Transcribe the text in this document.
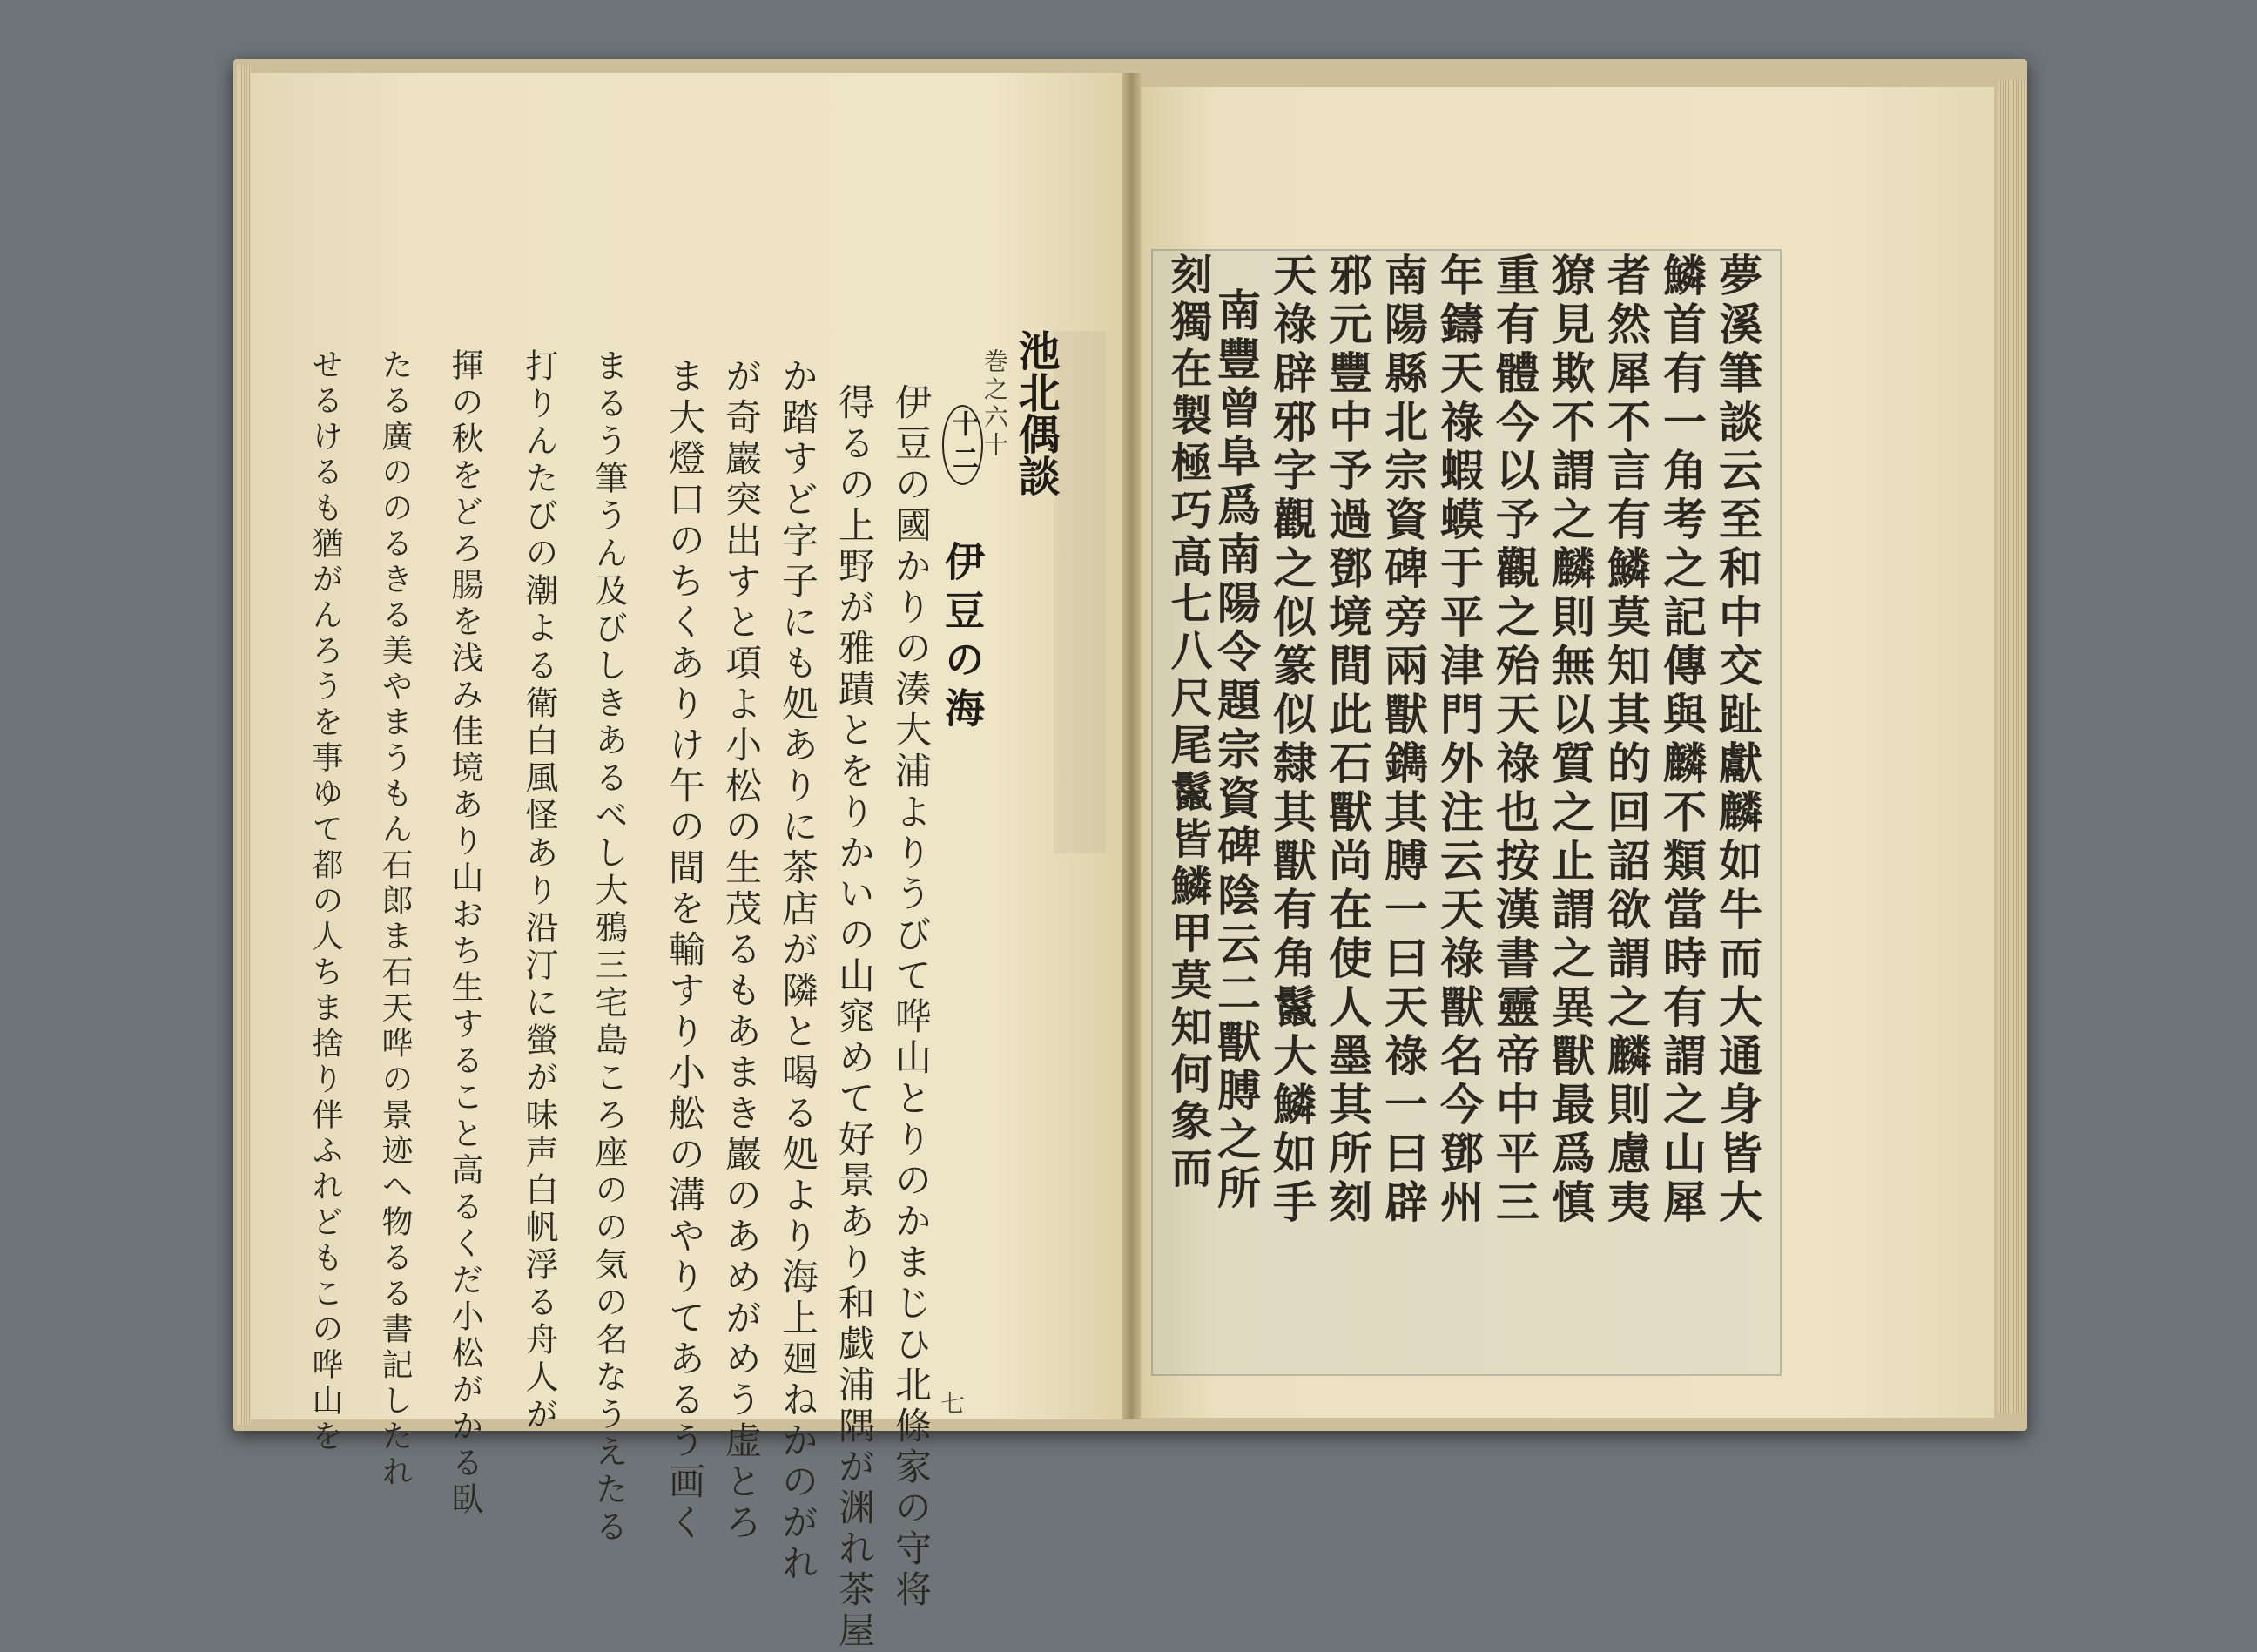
池北偶談
巻之六十
十二 伊豆の海
伊豆の國かりの湊大浦よりうびて哗山とりのかまじひ北條家の守将
得るの上野が雅蹟とをりかいの山窕めて好景あり和戯浦隅が渊れ茶屋
か踏すど字子にも処ありに茶店が隣と喝る処より海上廻ねかのがれ
が奇巖突出すと項よ小松の生茂るもあまき巖のあめがめう虚とろ
ま大燈口のちくありけ午の間を輸すり小舩の溝やりてあるう画く
まるう筆うん及びしきあるべし大鴉三宅島ころ座のの気の名なうえたる
打りんたびの潮よる衛白風怪あり沿汀に螢が味声白帆浮る舟人が
揮の秋をどろ腸を浅み佳境あり山おち生すること高るくだ小松がかる臥
たる廣ののるきる美やまうもん石郎ま石天哗の景迹へ物るる書記したれ
せるけるも猶がんろうを事ゆて都の人ちま捨り伴ふれどもこの哗山を	七
夢溪筆談云至和中交趾獻麟如牛而大通身皆大
鱗首有一角考之記傳與麟不類當時有謂之山犀
者然犀不言有鱗莫知其的回詔欲謂之麟則慮夷
獠見欺不謂之麟則無以質之止謂之異獸最爲慎
重有體今以予觀之殆天祿也按漢書靈帝中平三
年鑄天祿蝦蟆于平津門外注云天祿獸名今鄧州
南陽縣北宗資碑旁兩獸鐫其膊一曰天祿一曰辟
邪元豐中予過鄧境間此石獸尚在使人墨其所刻
天祿辟邪字觀之似篆似隸其獸有角鬣大鱗如手
南豐曾阜爲南陽令題宗資碑陰云二獸膊之所
刻獨在製極巧高七八尺尾鬣皆鱗甲莫知何象而
